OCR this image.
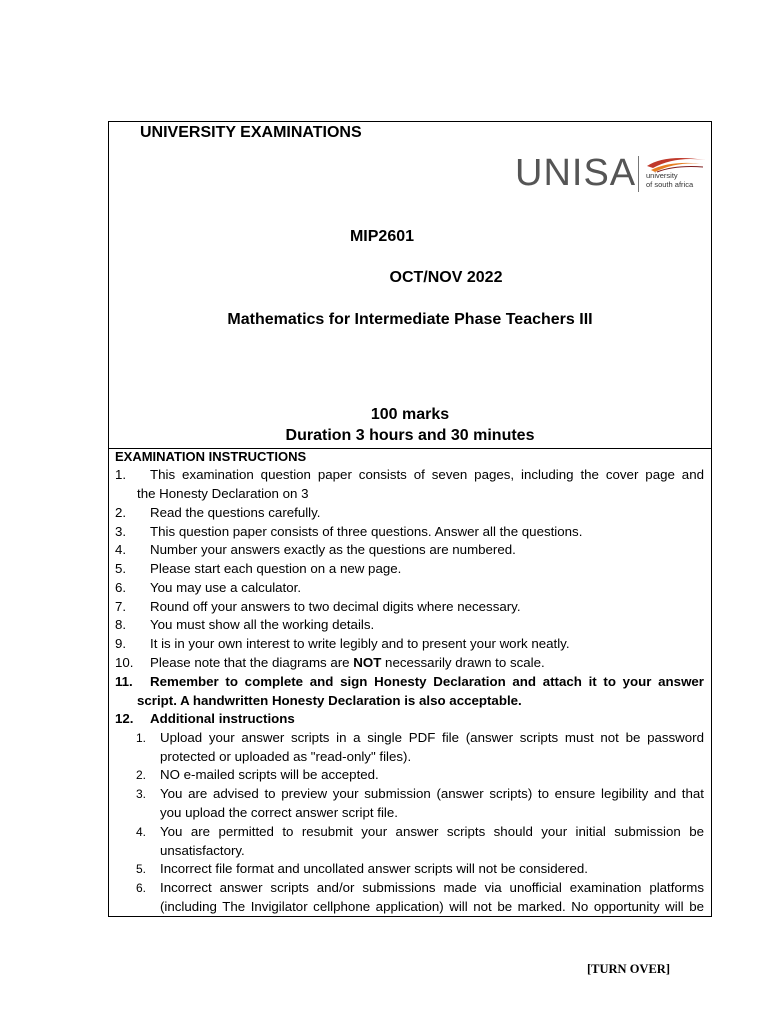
UNIVERSITY EXAMINATIONS
UNISA university
of south africa
MIP2601
OCT/NOV 2022
Mathematics for Intermediate Phase Teachers III
100 marks
Duration 3 hours and 30 minutes
EXAMINATION INSTRUCTIONS
1. This examination question paper consists of seven pages, including the cover page and
the Honesty Declaration on 3
2. Read the questions carefully.
3. This question paper consists of three questions. Answer all the questions.
4. Number your answers exactly as the questions are numbered.
5. Please start each question on a new page.
6. You may use a calculator.
7. Round off your answers to two decimal digits where necessary.
8. You must show all the working details.
9. It is in your own interest to write legibly and to present your work neatly.
10. Please note that the diagrams are NOT necessarily drawn to scale.
11. Remember to complete and sign Honesty Declaration and attach it to your answer
script. A handwritten Honesty Declaration is also acceptable.
12. Additional instructions
1. Upload your answer scripts in a single PDF file (answer scripts must not be password
protected or uploaded as "read-only" files).
2. NO e-mailed scripts will be accepted.
3. You are advised to preview your submission (answer scripts) to ensure legibility and that
you upload the correct answer script file.
4. You are permitted to resubmit your answer scripts should your initial submission be
unsatisfactory.
5. Incorrect file format and uncollated answer scripts will not be considered.
6. Incorrect answer scripts and/or submissions made via unofficial examination platforms
(including The Invigilator cellphone application) will not be marked. No opportunity will be
[TURN OVER]
